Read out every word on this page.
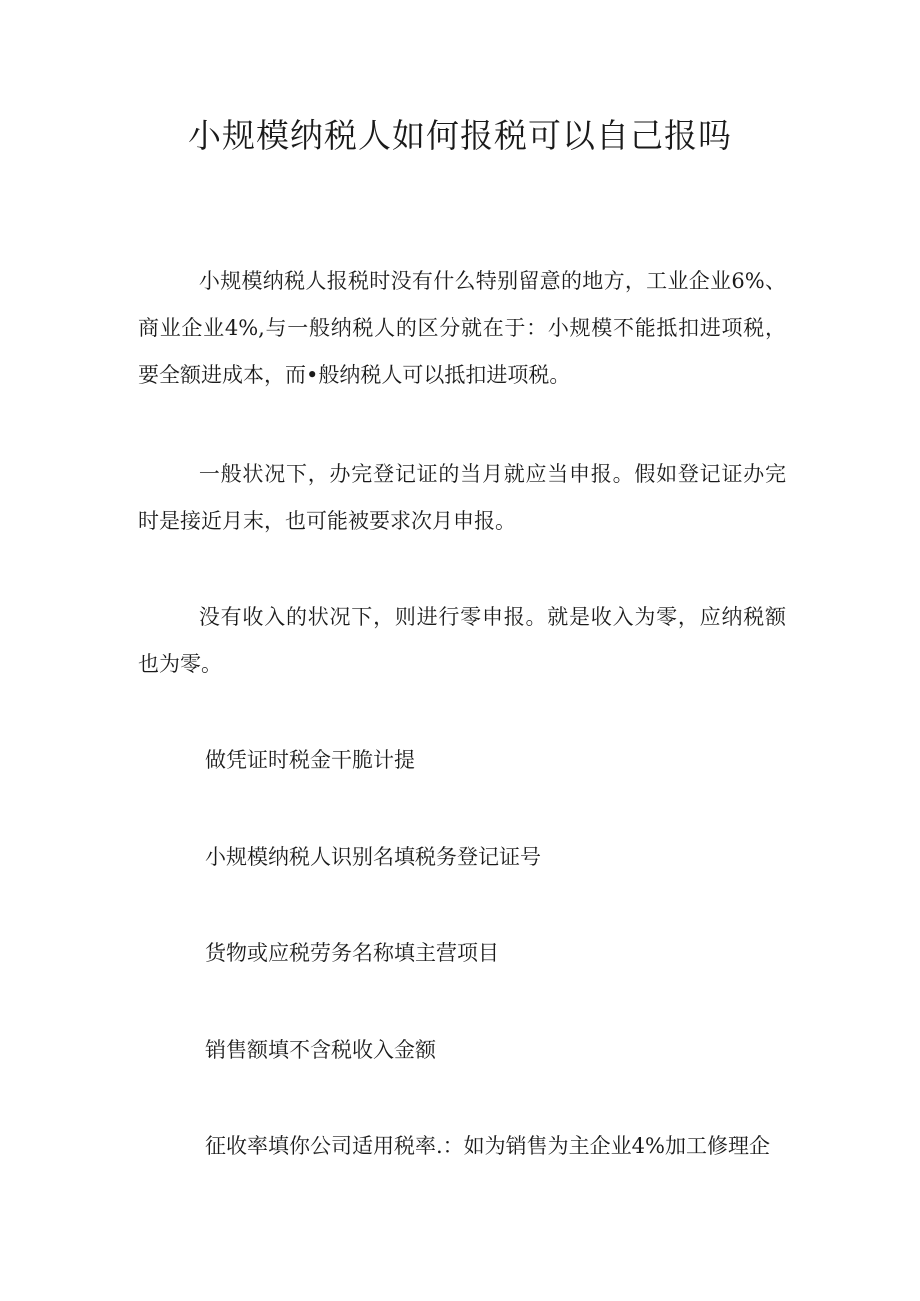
小规模纳税人如何报税可以自己报吗

小规模纳税人报税时没有什么特别留意的地方，工业企业6%、商业企业4%,与一般纳税人的区分就在于：小规模不能抵扣进项税，要全额进成本，而•般纳税人可以抵扣进项税。

一般状况下，办完登记证的当月就应当申报。假如登记证办完时是接近月末，也可能被要求次月申报。

没有收入的状况下，则进行零申报。就是收入为零，应纳税额也为零。

做凭证时税金干脆计提

小规模纳税人识别名填税务登记证号

货物或应税劳务名称填主营项目

销售额填不含税收入金额

征收率填你公司适用税率.：如为销售为主企业4%加工修理企
